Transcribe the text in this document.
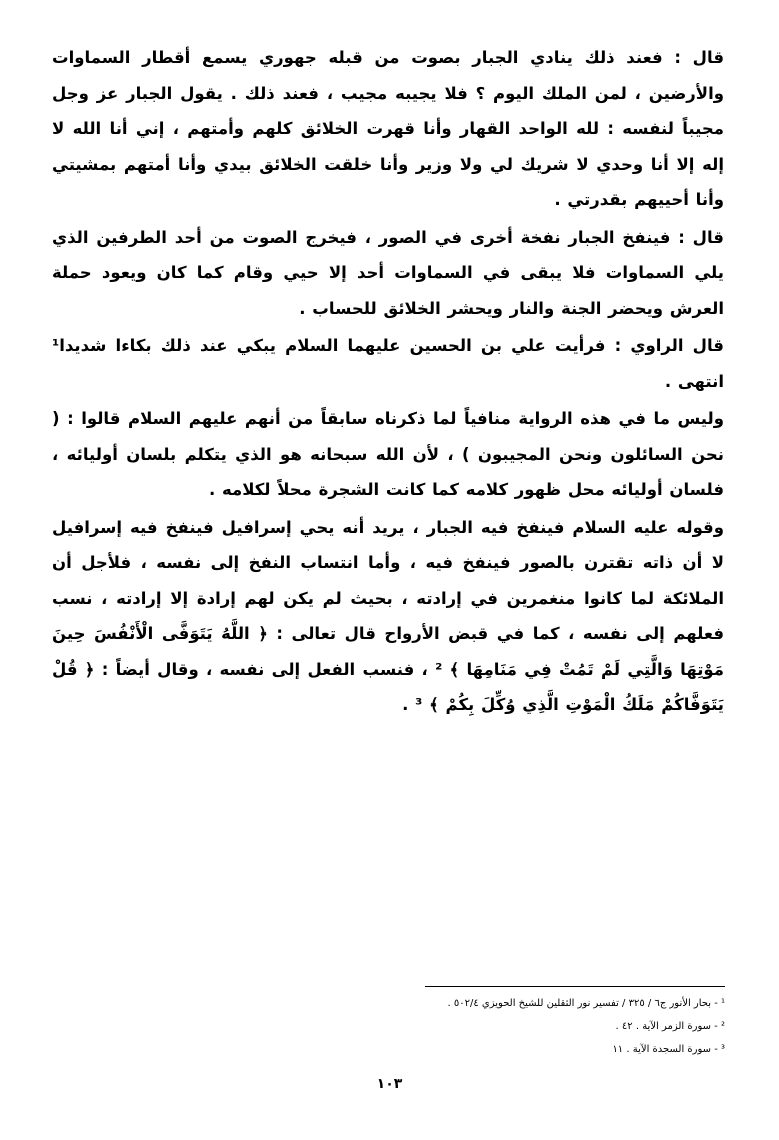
قال : فعند ذلك ينادي الجبار بصوت من قبله جهوري يسمع أقطار السماوات والأرضين ، لمن الملك اليوم ؟ فلا يجيبه مجيب ، فعند ذلك . يقول الجبار عز وجل مجيباً لنفسه : لله الواحد القهار وأنا قهرت الخلائق كلهم وأمتهم ، إني أنا الله لا إله إلا أنا وحدي لا شريك لي ولا وزير وأنا خلقت الخلائق بيدي وأنا أمتهم بمشيتي وأنا أحييهم بقدرتي .

قال : فينفخ الجبار نفخة أخرى في الصور ، فيخرج الصوت من أحد الطرفين الذي يلي السماوات فلا يبقى في السماوات أحد إلا حيي وقام كما كان ويعود حملة العرش ويحضر الجنة والنار ويحشر الخلائق للحساب .

قال الراوي : فرأيت علي بن الحسين عليهما السلام يبكي عند ذلك بكاءا شديدا¹ انتهى .

وليس ما في هذه الرواية منافياً لما ذكرناه سابقاً من أنهم عليهم السلام قالوا : ( نحن السائلون ونحن المجيبون ) ، لأن الله سبحانه هو الذي يتكلم بلسان أوليائه ، فلسان أوليائه محل ظهور كلامه كما كانت الشجرة محلاً لكلامه .

وقوله عليه السلام فينفخ فيه الجبار ، يريد أنه يحي إسرافيل فينفخ فيه إسرافيل لا أن ذاته تقترن بالصور فينفخ فيه ، وأما انتساب النفخ إلى نفسه ، فلأجل أن الملائكة لما كانوا منغمرين في إرادته ، بحيث لم يكن لهم إرادة إلا إرادته ، نسب فعلهم إلى نفسه ، كما في قبض الأرواح قال تعالى : ﴿ اللَّهُ يَتَوَفَّى الْأَنْفُسَ حِينَ مَوْتِهَا وَالَّتِي لَمْ تَمُتْ فِي مَنَامِهَا ﴾ ² ، فنسب الفعل إلى نفسه ، وقال أيضاً : ﴿ قُلْ يَتَوَفَّاكُمْ مَلَكُ الْمَوْتِ الَّذِي وُكِّلَ بِكُمْ ﴾ ³ .

¹ - بحار الأنور ج٦ / ٣٢٥ / تفسير نور الثقلين للشيخ الحويزي ٥٠٢/٤ .
² - سورة الزمر الآية . ٤٢ .
³ - سورة السجدة الآية . ١١
١٠٣
